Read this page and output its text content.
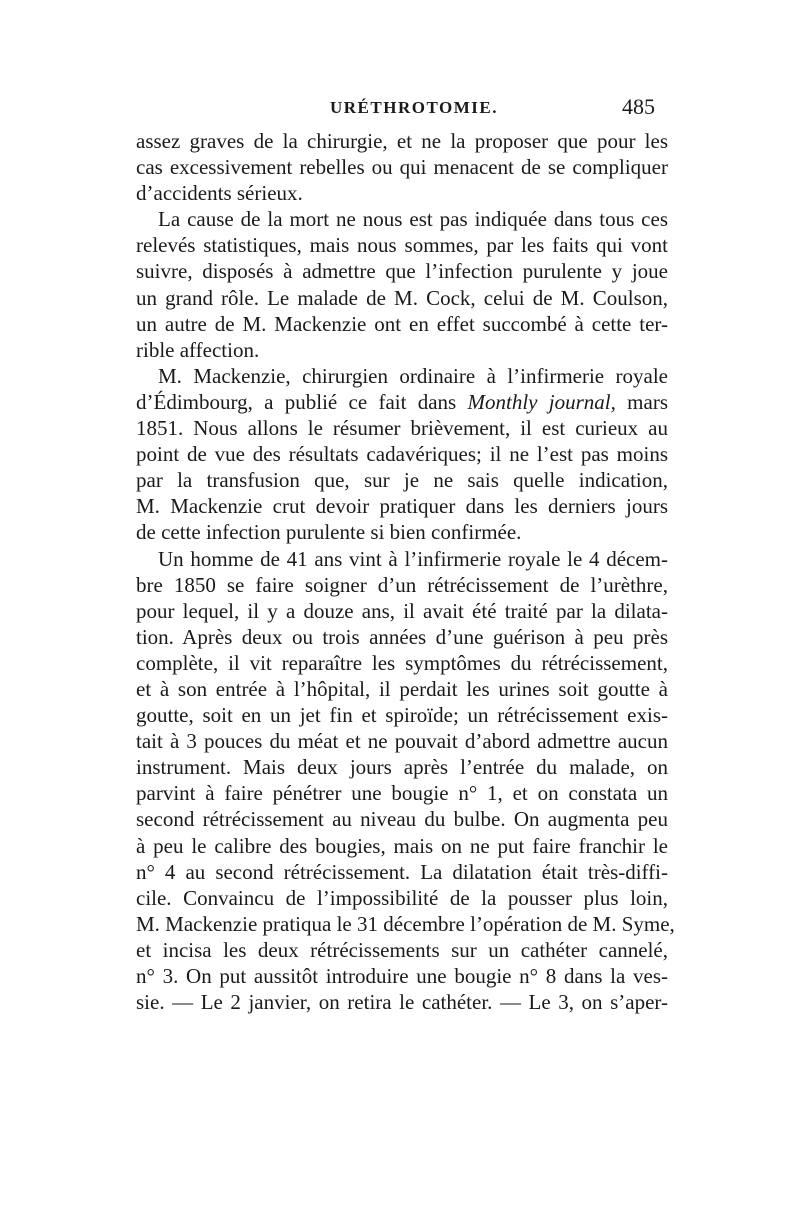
URÉTHROTOMIE.	485
assez graves de la chirurgie, et ne la proposer que pour les
cas excessivement rebelles ou qui menacent de se compliquer
d’accidents sérieux.
La cause de la mort ne nous est pas indiquée dans tous ces
relevés statistiques, mais nous sommes, par les faits qui vont
suivre, disposés à admettre que l’infection purulente y joue
un grand rôle. Le malade de M. Cock, celui de M. Coulson,
un autre de M. Mackenzie ont en effet succombé à cette ter-
rible affection.
M. Mackenzie, chirurgien ordinaire à l’infirmerie royale
d’Édimbourg, a publié ce fait dans Monthly journal, mars
1851. Nous allons le résumer brièvement, il est curieux au
point de vue des résultats cadavériques; il ne l’est pas moins
par la transfusion que, sur je ne sais quelle indication,
M. Mackenzie crut devoir pratiquer dans les derniers jours
de cette infection purulente si bien confirmée.
Un homme de 41 ans vint à l’infirmerie royale le 4 décem-
bre 1850 se faire soigner d’un rétrécissement de l’urèthre,
pour lequel, il y a douze ans, il avait été traité par la dilata-
tion. Après deux ou trois années d’une guérison à peu près
complète, il vit reparaître les symptômes du rétrécissement,
et à son entrée à l’hôpital, il perdait les urines soit goutte à
goutte, soit en un jet fin et spiroïde; un rétrécissement exis-
tait à 3 pouces du méat et ne pouvait d’abord admettre aucun
instrument. Mais deux jours après l’entrée du malade, on
parvint à faire pénétrer une bougie n° 1, et on constata un
second rétrécissement au niveau du bulbe. On augmenta peu
à peu le calibre des bougies, mais on ne put faire franchir le
n° 4 au second rétrécissement. La dilatation était très-diffi-
cile. Convaincu de l’impossibilité de la pousser plus loin,
M. Mackenzie pratiqua le 31 décembre l’opération de M. Syme,
et incisa les deux rétrécissements sur un cathéter cannelé,
n° 3. On put aussitôt introduire une bougie n° 8 dans la ves-
sie. — Le 2 janvier, on retira le cathéter. — Le 3, on s’aper-
